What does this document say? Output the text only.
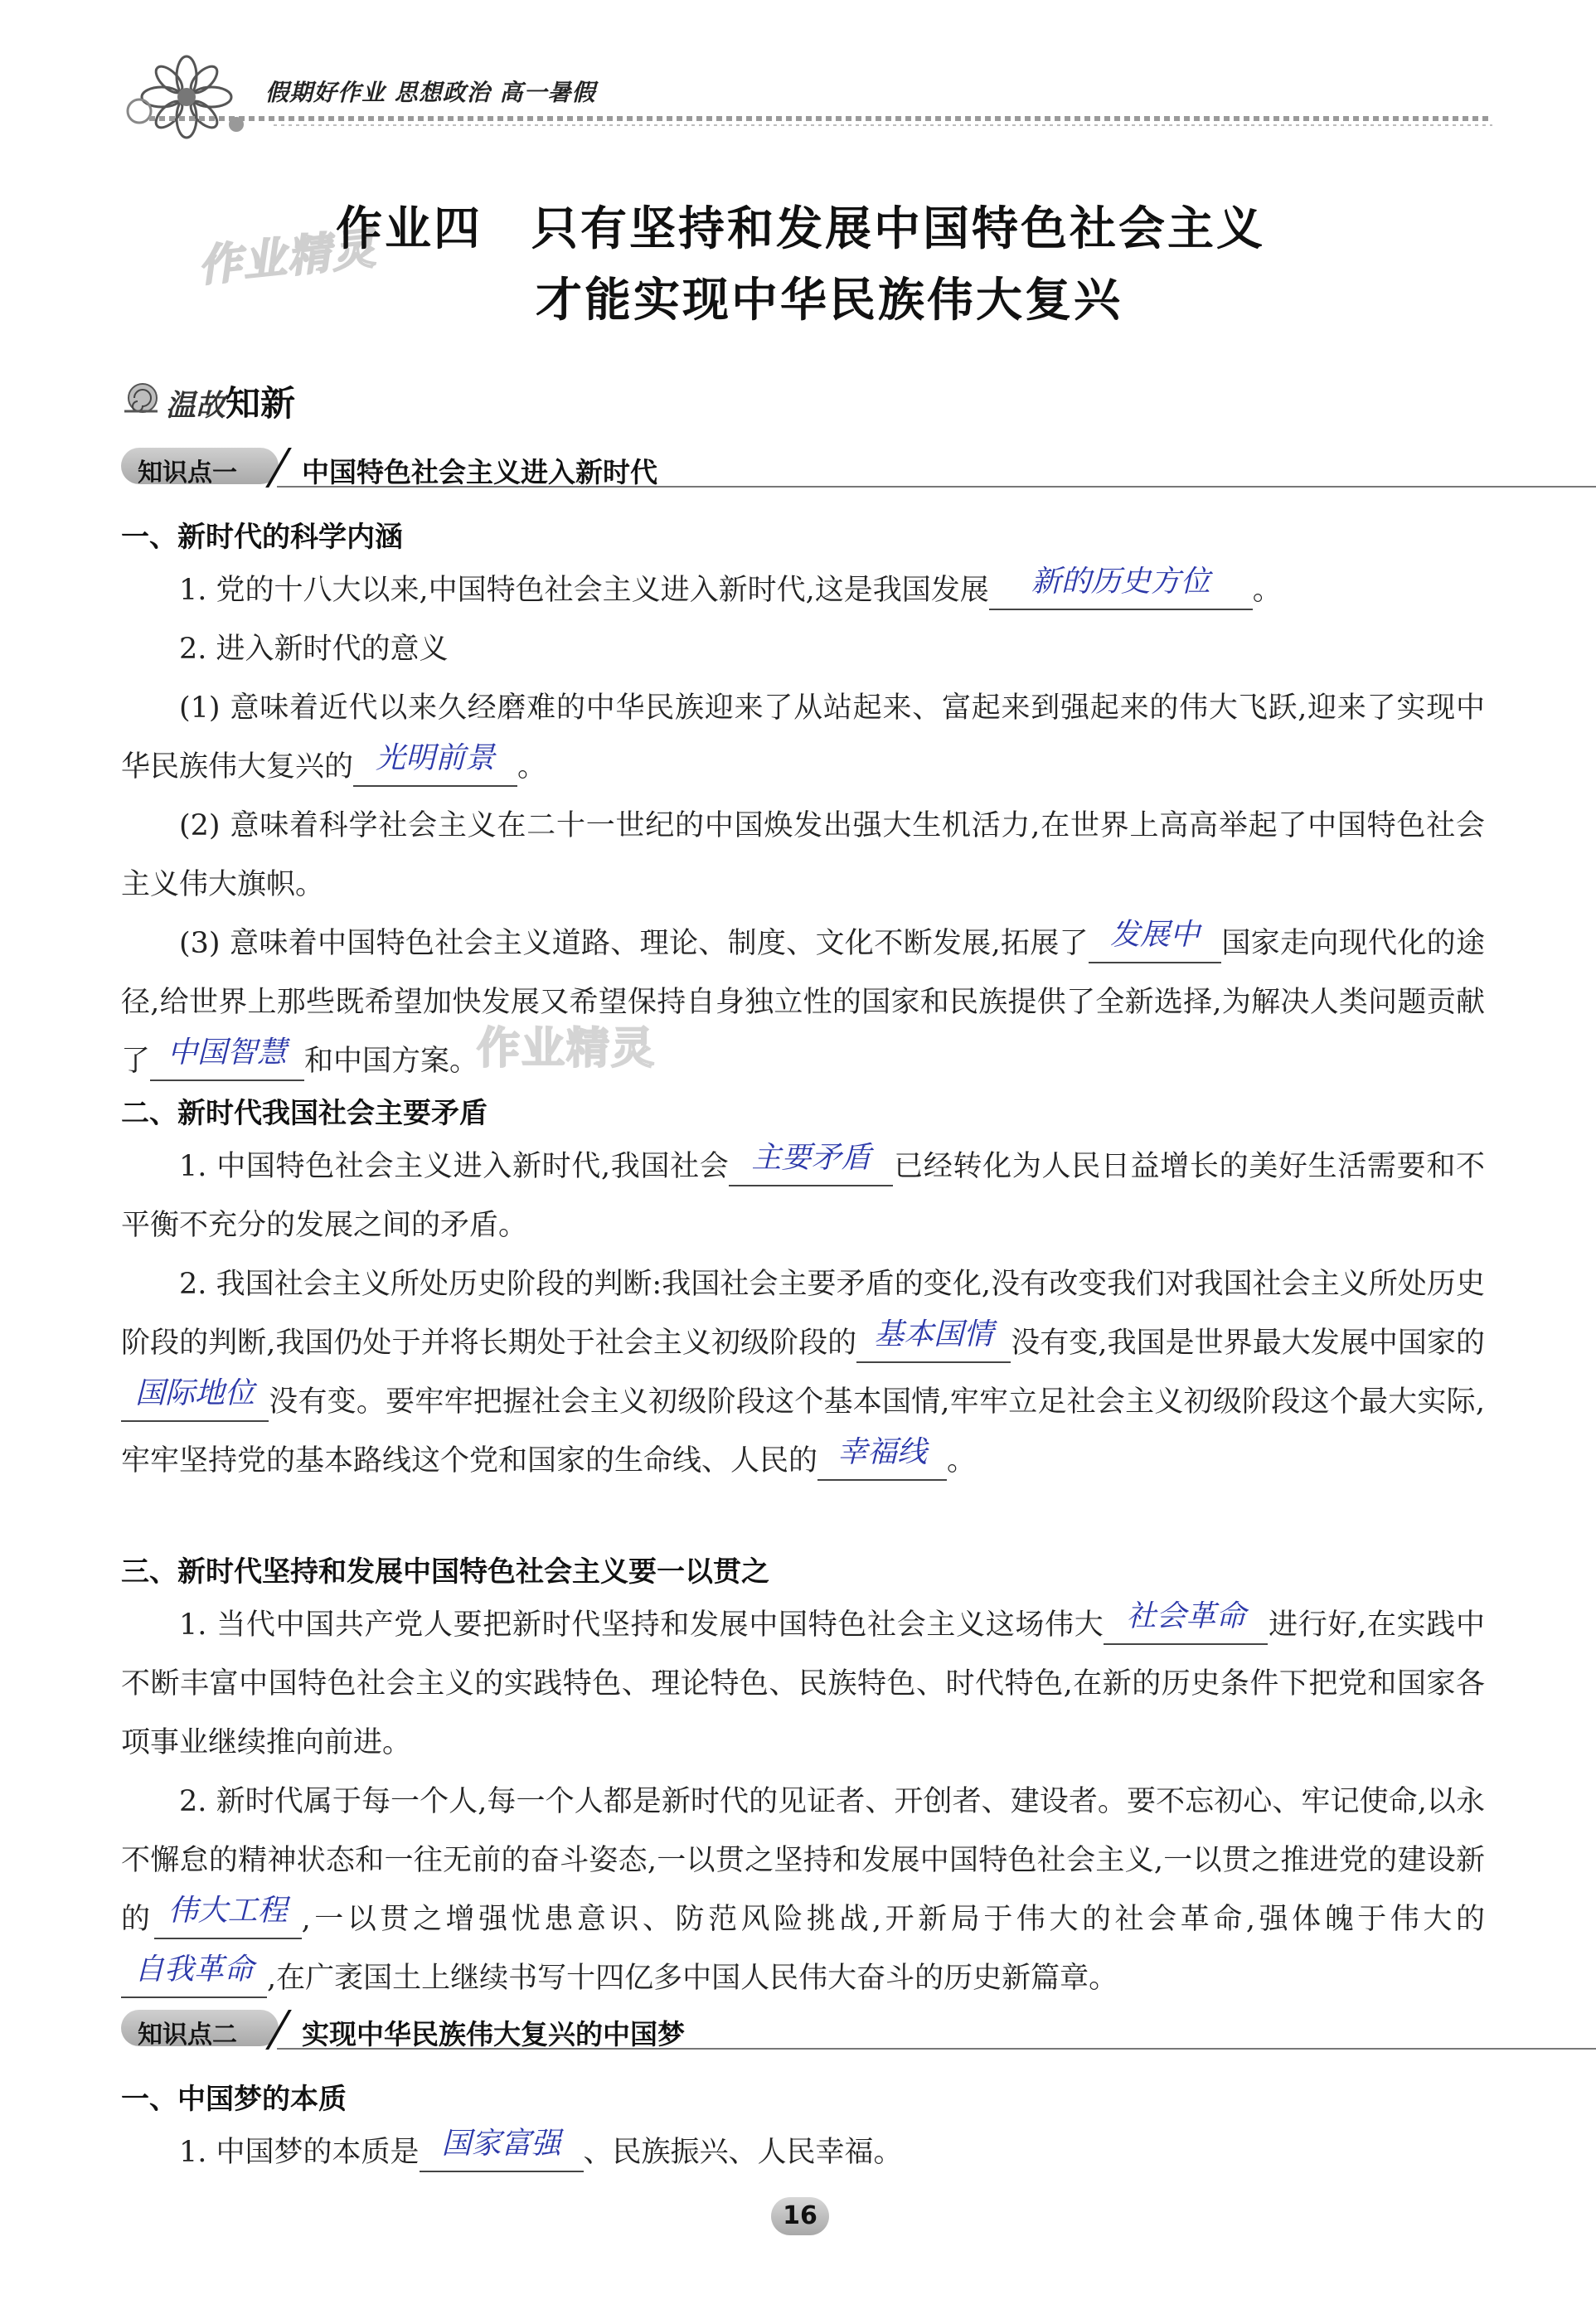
假期好作业 思想政治 高一暑假
作业精灵
作业四　只有坚持和发展中国特色社会主义
才能实现中华民族伟大复兴
温故知新
知识点一 中国特色社会主义进入新时代
一、新时代的科学内涵
1. 党的十八大以来,中国特色社会主义进入新时代,这是我国发展 新的历史方位 。
2. 进入新时代的意义
(1) 意味着近代以来久经磨难的中华民族迎来了从站起来、富起来到强起来的伟大飞跃,迎来了实现中华民族伟大复兴的 光明前景 。
(2) 意味着科学社会主义在二十一世纪的中国焕发出强大生机活力,在世界上高高举起了中国特色社会主义伟大旗帜。
作业精灵
(3) 意味着中国特色社会主义道路、理论、制度、文化不断发展,拓展了 发展中 国家走向现代化的途径,给世界上那些既希望加快发展又希望保持自身独立性的国家和民族提供了全新选择,为解决人类问题贡献了 中国智慧 和中国方案。
二、新时代我国社会主要矛盾
1. 中国特色社会主义进入新时代,我国社会 主要矛盾 已经转化为人民日益增长的美好生活需要和不平衡不充分的发展之间的矛盾。
2. 我国社会主义所处历史阶段的判断:我国社会主要矛盾的变化,没有改变我们对我国社会主义所处历史阶段的判断,我国仍处于并将长期处于社会主义初级阶段的 基本国情 没有变,我国是世界最大发展中国家的国际地位 没有变。要牢牢把握社会主义初级阶段这个基本国情,牢牢立足社会主义初级阶段这个最大实际,牢牢坚持党的基本路线这个党和国家的生命线、人民的 幸福线 。
三、新时代坚持和发展中国特色社会主义要一以贯之
1. 当代中国共产党人要把新时代坚持和发展中国特色社会主义这场伟大 社会革命 进行好,在实践中不断丰富中国特色社会主义的实践特色、理论特色、民族特色、时代特色,在新的历史条件下把党和国家各项事业继续推向前进。
2. 新时代属于每一个人,每一个人都是新时代的见证者、开创者、建设者。要不忘初心、牢记使命,以永不懈怠的精神状态和一往无前的奋斗姿态,一以贯之坚持和发展中国特色社会主义,一以贯之推进党的建设新的 伟大工程 ,一以贯之增强忧患意识、防范风险挑战,开新局于伟大的社会革命,强体魄于伟大的自我革命 ,在广袤国土上继续书写十四亿多中国人民伟大奋斗的历史新篇章。
知识点二 实现中华民族伟大复兴的中国梦
一、中国梦的本质
1. 中国梦的本质是 国家富强 、民族振兴、人民幸福。
16
